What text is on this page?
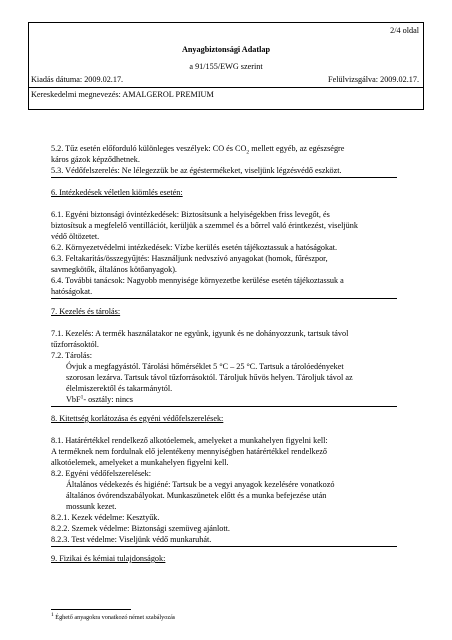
2/4 oldal
Anyagbiztonsági Adatlap
a 91/155/EWG szerint
Kiadás dátuma: 2009.02.17.	Felülvizsgálva: 2009.02.17.
Kereskedelmi megnevezés: AMALGEROL PREMIUM
5.2. Tűz esetén előforduló különleges veszélyek: CO és $CO_2$ mellett egyéb, az egészségre
káros gázok képződhetnek.
5.3. Védőfelszerelés: Ne lélegezzük be az égéstermékeket, viseljünk légzésvédő eszközt.
6. Intézkedések véletlen kiömlés esetén:
6.1. Egyéni biztonsági óvintézkedések: Biztosítsunk a helyiségekben friss levegőt, és
biztosítsuk a megfelelő ventillációt, kerüljük a szemmel és a bőrrel való érintkezést, viseljünk
védő öltözetet.
6.2. Környezetvédelmi intézkedések: Vízbe kerülés esetén tájékoztassuk a hatóságokat.
6.3. Feltakarítás/összegyűjtés: Használjunk nedvszívó anyagokat (homok, fűrészpor,
savmegkötők, általános kötőanyagok).
6.4. További tanácsok: Nagyobb mennyisége környezetbe kerülése esetén tájékoztassuk a
hatóságokat.
7. Kezelés és tárolás:
7.1. Kezelés: A termék használatakor ne együnk, igyunk és ne dohányozzunk, tartsuk távol
tűzforrásoktól.
7.2. Tárolás:
Óvjuk a megfagyástól. Tárolási hőmérséklet 5 °C – 25 °C. Tartsuk a tárolóedényeket
szorosan lezárva. Tartsuk távol tűzforrásoktól. Tároljuk hűvös helyen. Tároljuk távol az
élelmiszerektől és takarmánytól.
VbF$^1$- osztály: nincs
8. Kitettség korlátozása és egyéni védőfelszerelések:
8.1. Határértékkel rendelkező alkotóelemek, amelyeket a munkahelyen figyelni kell:
A terméknek nem fordulnak elő jelentékeny mennyiségben határértékkel rendelkező
alkotóelemek, amelyeket a munkahelyen figyelni kell.
8.2. Egyéni védőfelszerelések:
Általános védekezés és higiéné: Tartsuk be a vegyi anyagok kezelésére vonatkozó
általános óvórendszabályokat. Munkaszünetek előtt és a munka befejezése után
mossunk kezet.
8.2.1. Kezek védelme: Kesztyűk.
8.2.2. Szemek védelme: Biztonsági szemüveg ajánlott.
8.2.3. Test védelme: Viseljünk védő munkaruhát.
9. Fizikai és kémiai tulajdonságok:
$^1$ Éghető anyagokra vonatkozó német szabályozás
